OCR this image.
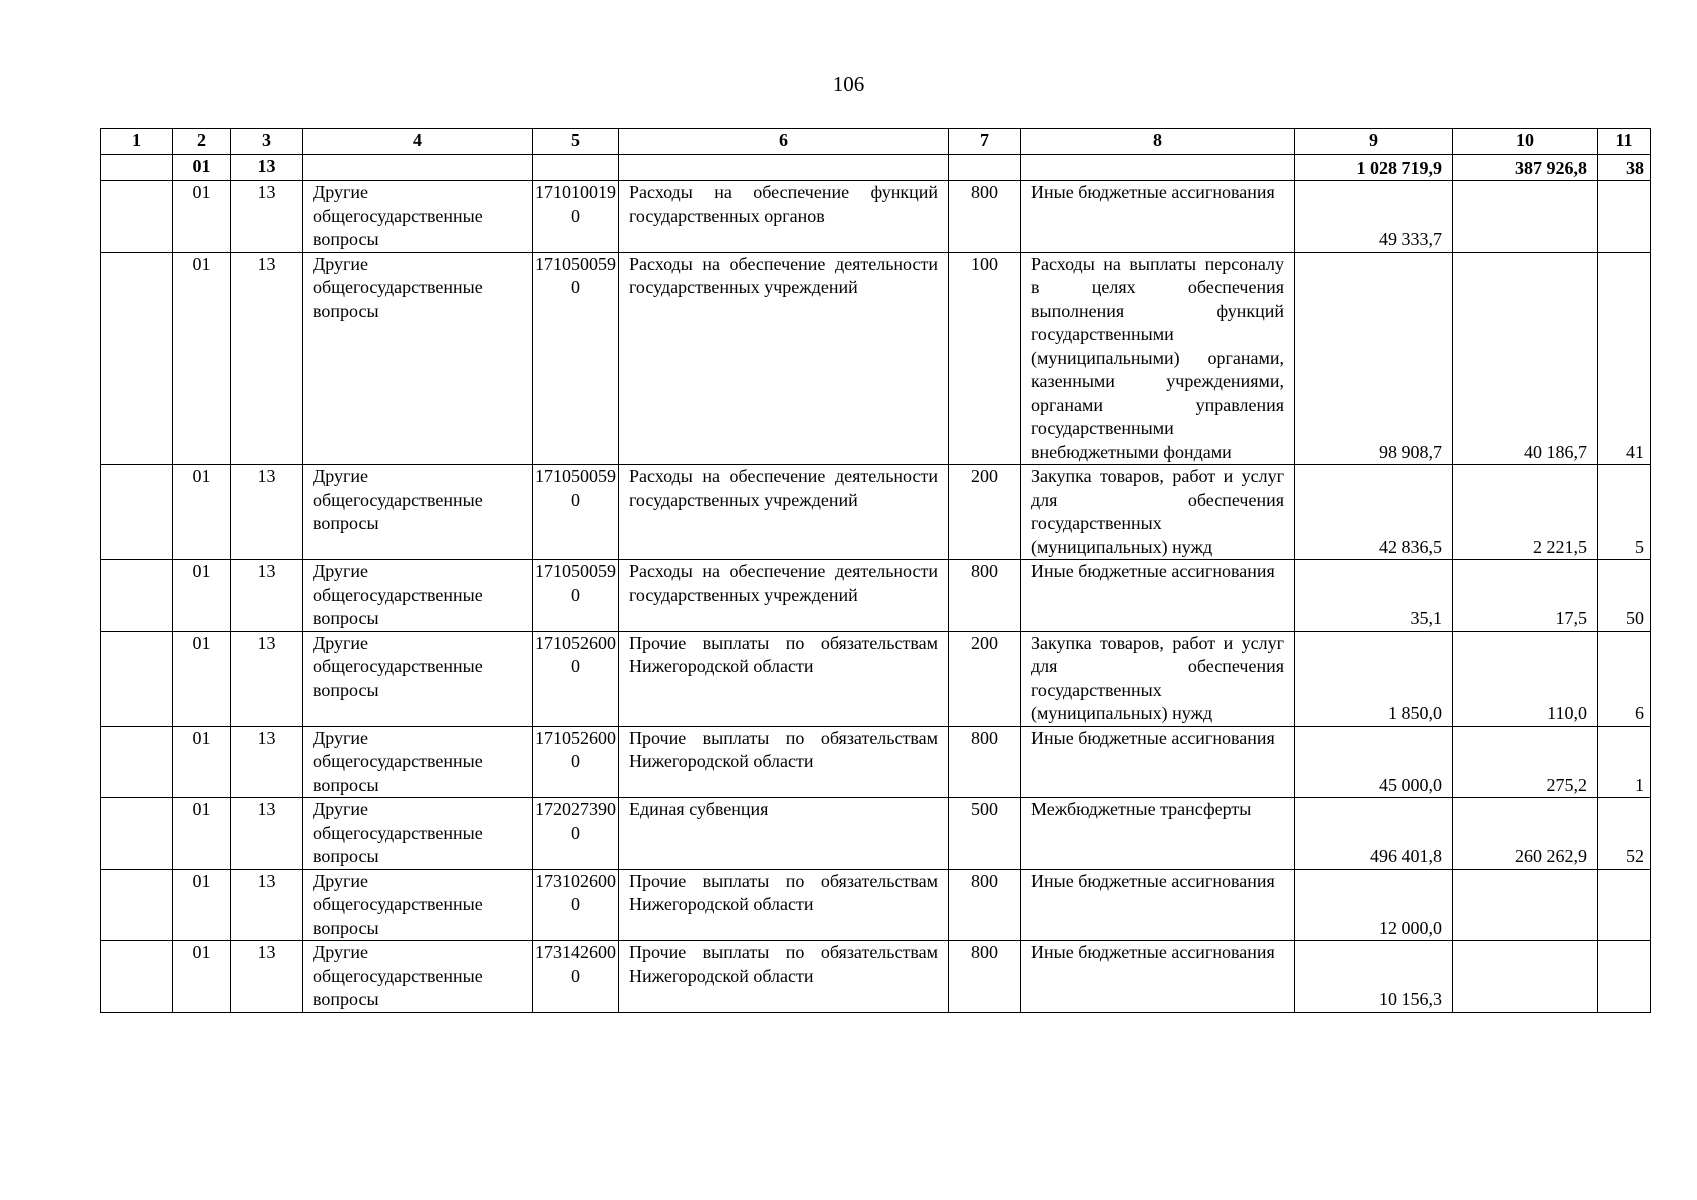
106
1	2	3	4	5	6	7	8	9	10	11
	01	13						1 028 719,9	387 926,8	38
	01	13	Другие общегосударственные вопросы	1710100190	Расходы на обеспечение функций государственных органов	800	Иные бюджетные ассигнования	49 333,7		
	01	13	Другие общегосударственные вопросы	1710500590	Расходы на обеспечение деятельности государственных учреждений	100	Расходы на выплаты персоналу в целях обеспечения выполнения функций государственными (муниципальными) органами, казенными учреждениями, органами управления государственными внебюджетными фондами	98 908,7	40 186,7	41
	01	13	Другие общегосударственные вопросы	1710500590	Расходы на обеспечение деятельности государственных учреждений	200	Закупка товаров, работ и услуг для обеспечения государственных (муниципальных) нужд	42 836,5	2 221,5	5
	01	13	Другие общегосударственные вопросы	1710500590	Расходы на обеспечение деятельности государственных учреждений	800	Иные бюджетные ассигнования	35,1	17,5	50
	01	13	Другие общегосударственные вопросы	1710526000	Прочие выплаты по обязательствам Нижегородской области	200	Закупка товаров, работ и услуг для обеспечения государственных (муниципальных) нужд	1 850,0	110,0	6
	01	13	Другие общегосударственные вопросы	1710526000	Прочие выплаты по обязательствам Нижегородской области	800	Иные бюджетные ассигнования	45 000,0	275,2	1
	01	13	Другие общегосударственные вопросы	1720273900	Единая субвенция	500	Межбюджетные трансферты	496 401,8	260 262,9	52
	01	13	Другие общегосударственные вопросы	1731026000	Прочие выплаты по обязательствам Нижегородской области	800	Иные бюджетные ассигнования	12 000,0		
	01	13	Другие общегосударственные вопросы	1731426000	Прочие выплаты по обязательствам Нижегородской области	800	Иные бюджетные ассигнования	10 156,3		
